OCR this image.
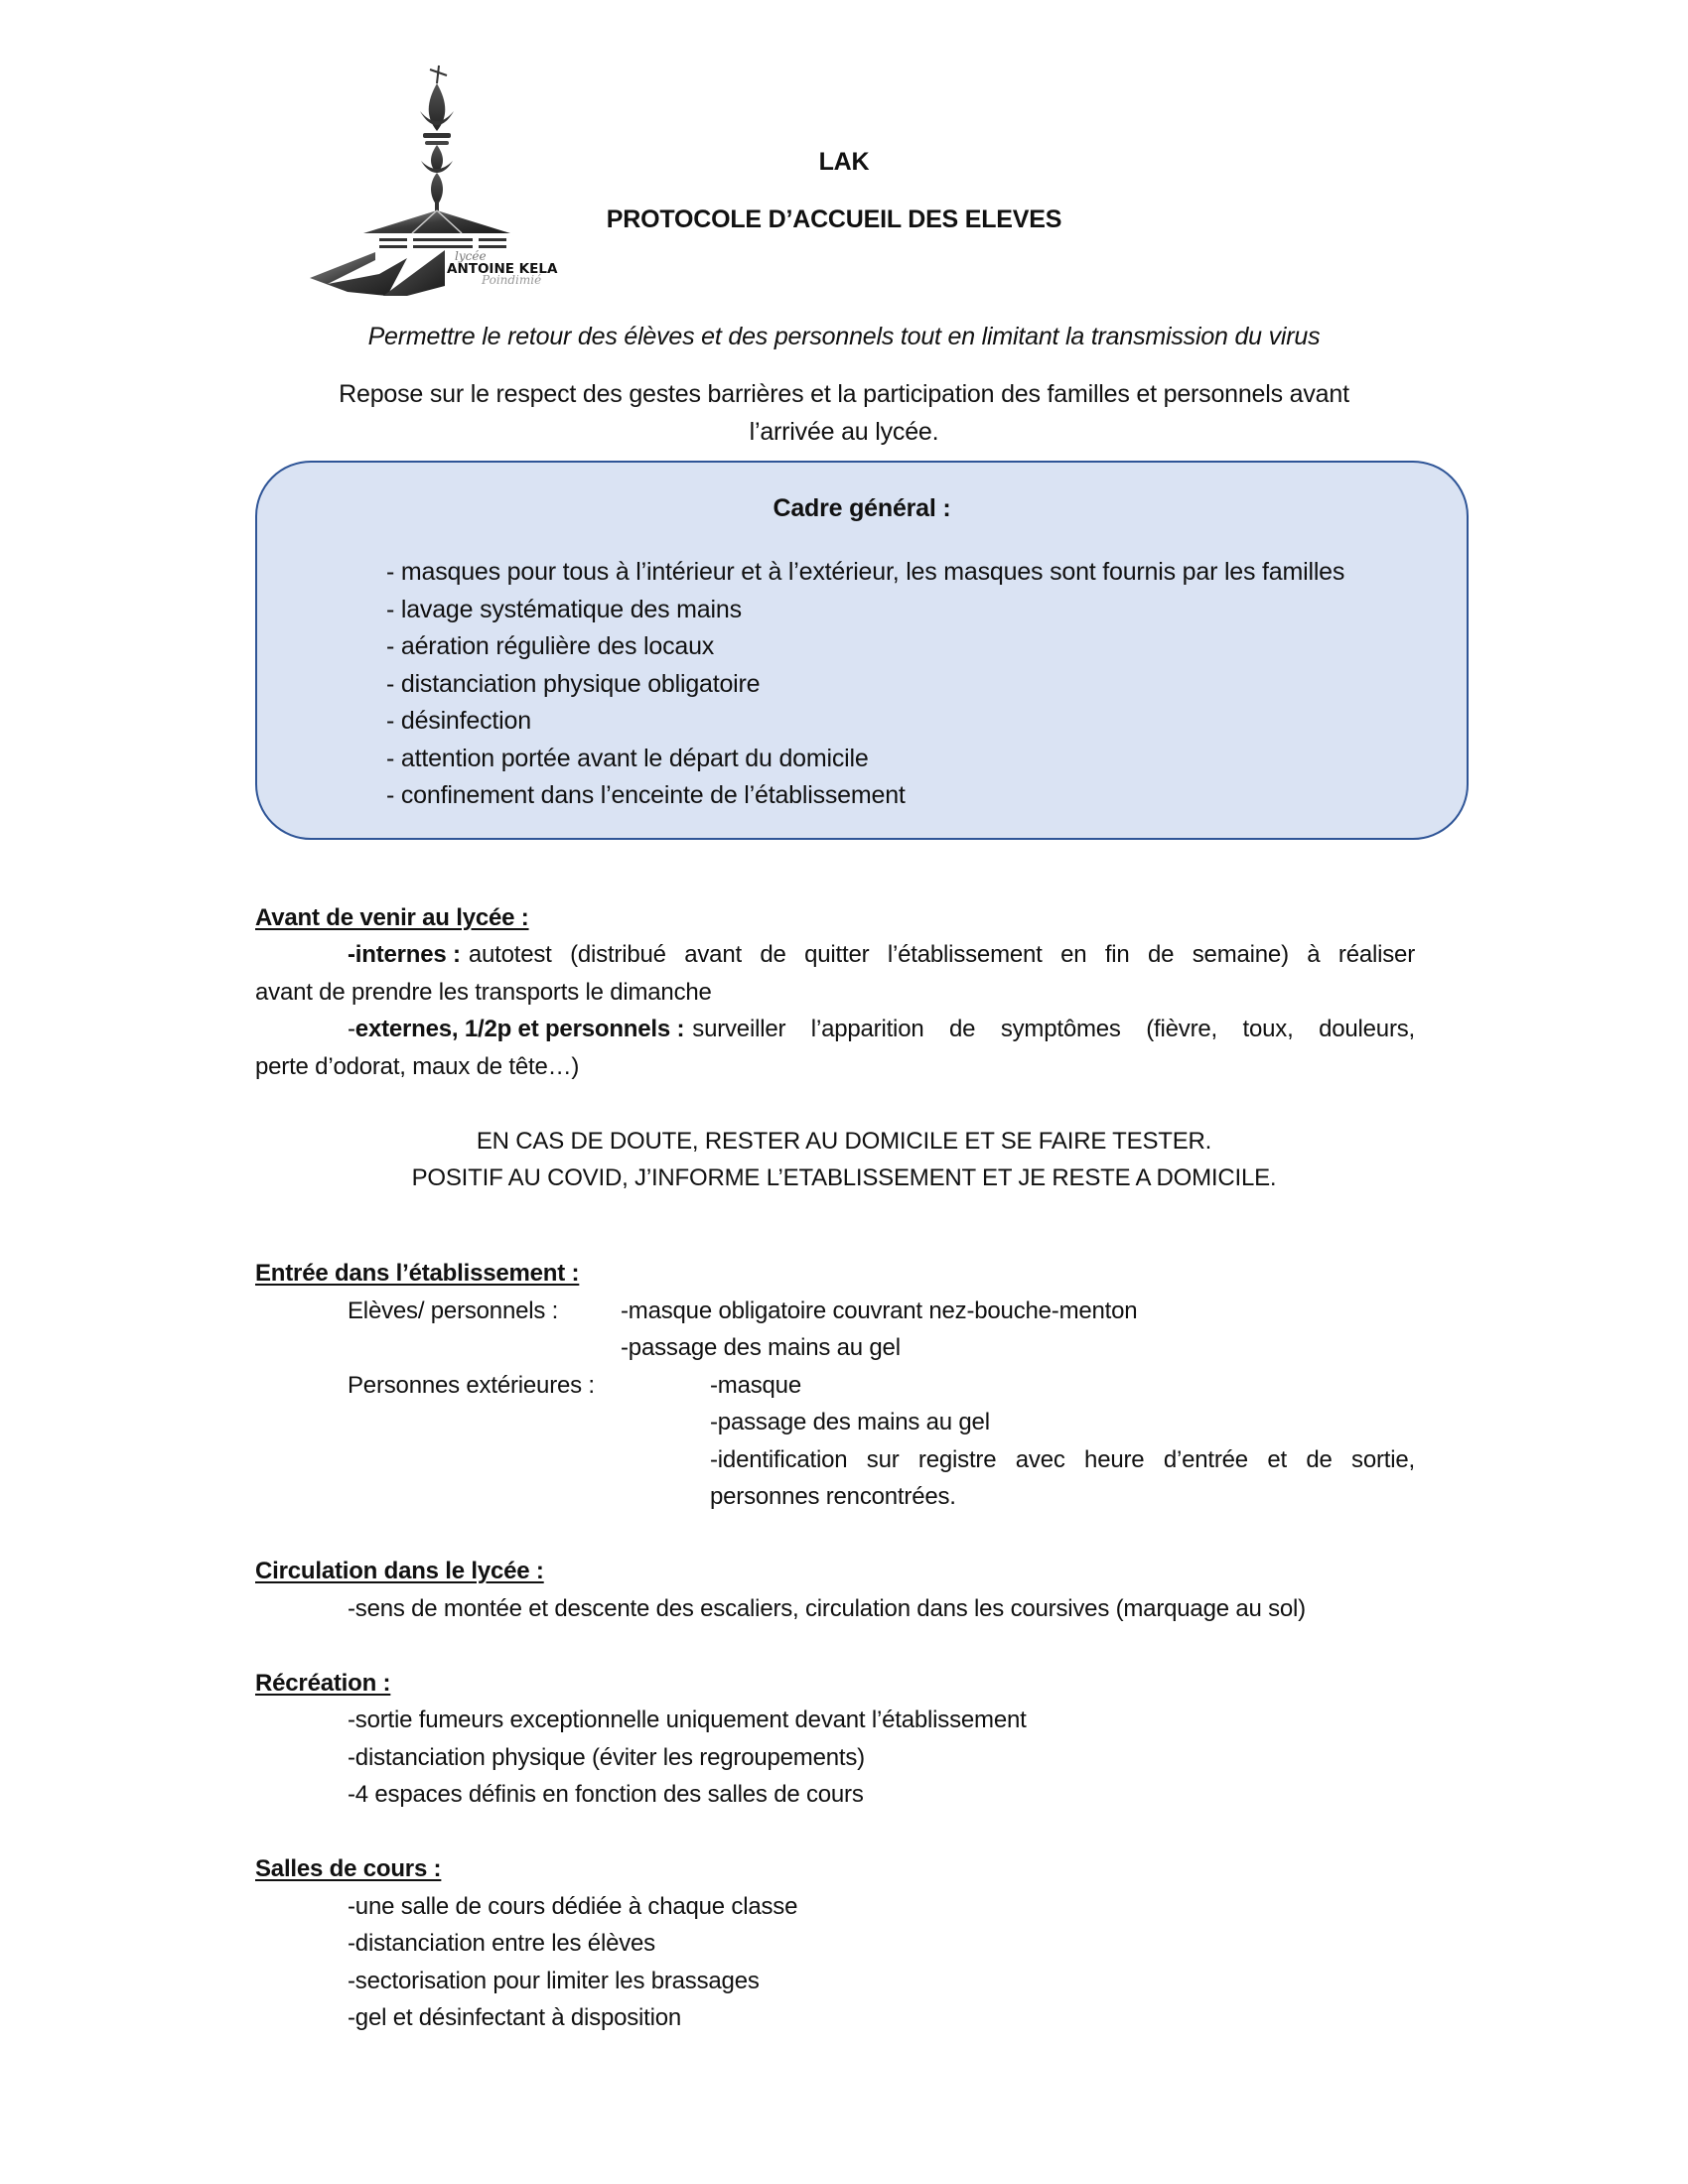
lycée
ANTOINE KELA
Poindimié
LAK
PROTOCOLE D’ACCUEIL DES ELEVES
Permettre le retour des élèves et des personnels tout en limitant la transmission du virus
Repose sur le respect des gestes barrières et la participation des familles et personnels avant
l’arrivée au lycée.
Cadre général :
- masques pour tous à l’intérieur et à l’extérieur, les masques sont fournis par les familles
- lavage systématique des mains
- aération régulière des locaux
- distanciation physique obligatoire
- désinfection
- attention portée avant le départ du domicile
- confinement dans l’enceinte de l’établissement
Avant de venir au lycée :
-internes : autotest (distribué avant de quitter l’établissement en fin de semaine) à réaliser
avant de prendre les transports le dimanche
-externes, 1/2p et personnels : surveiller l’apparition de symptômes (fièvre, toux, douleurs,
perte d’odorat, maux de tête…)
EN CAS DE DOUTE, RESTER AU DOMICILE ET SE FAIRE TESTER.
POSITIF AU COVID, J’INFORME L’ETABLISSEMENT ET JE RESTE A DOMICILE.
Entrée dans l’établissement :
Elèves/ personnels :	-masque obligatoire couvrant nez-bouche-menton
-passage des mains au gel
Personnes extérieures :	-masque
-passage des mains au gel
-identification sur registre avec heure d’entrée et de sortie,
personnes rencontrées.
Circulation dans le lycée :
-sens de montée et descente des escaliers, circulation dans les coursives (marquage au sol)
Récréation :
-sortie fumeurs exceptionnelle uniquement devant l’établissement
-distanciation physique (éviter les regroupements)
-4 espaces définis en fonction des salles de cours
Salles de cours :
-une salle de cours dédiée à chaque classe
-distanciation entre les élèves
-sectorisation pour limiter les brassages
-gel et désinfectant à disposition
